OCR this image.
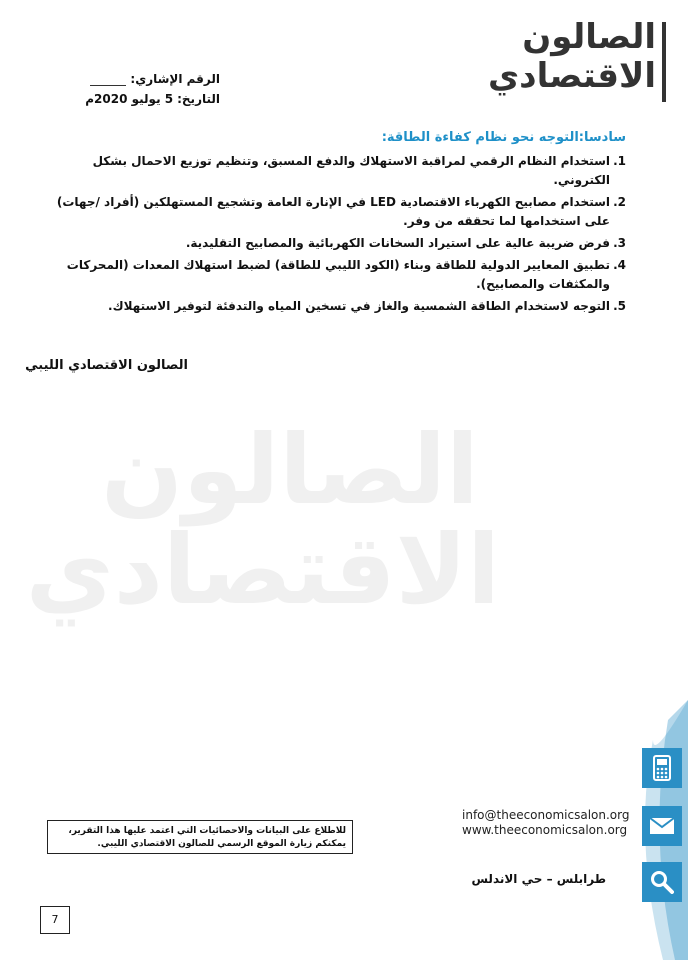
الصالون
الاقتصادي
الصالون
الاقتصادي
الرقم الإشاري:
التاريخ:
5 يوليو 2020م
سادسا:التوجه نحو نظام كفاءة الطاقة:
1.
استخدام النظام الرقمي لمراقبة الاستهلاك والدفع المسبق، وتنظيم توزيع الاحمال بشكل الكتروني.
2.
استخدام مصابيح الكهرباء الاقتصادية LED في الإنارة العامة وتشجيع المستهلكين (أفراد /جهات) على استخدامها لما تحققه من وفر.
3.
فرض ضريبة عالية على استيراد السخانات الكهربائية والمصابيح التقليدية.
4.
تطبيق المعايير الدولية للطاقة وبناء (الكود الليبي للطاقة) لضبط استهلاك المعدات (المحركات والمكثفات والمصابيح).
5.
التوجه لاستخدام الطاقة الشمسية والغاز في تسخين المياه والتدفئة لتوفير الاستهلاك.
الصالون الاقتصادي الليبي
info@theeconomicsalon.org
www.theeconomicsalon.org
للاطلاع على البيانات والاحصائيات التي اعتمد عليها هذا التقرير، يمكنكم زيارة الموقع الرسمي للصالون الاقتصادي الليبي.
طرابلس – حي الاندلس
7
